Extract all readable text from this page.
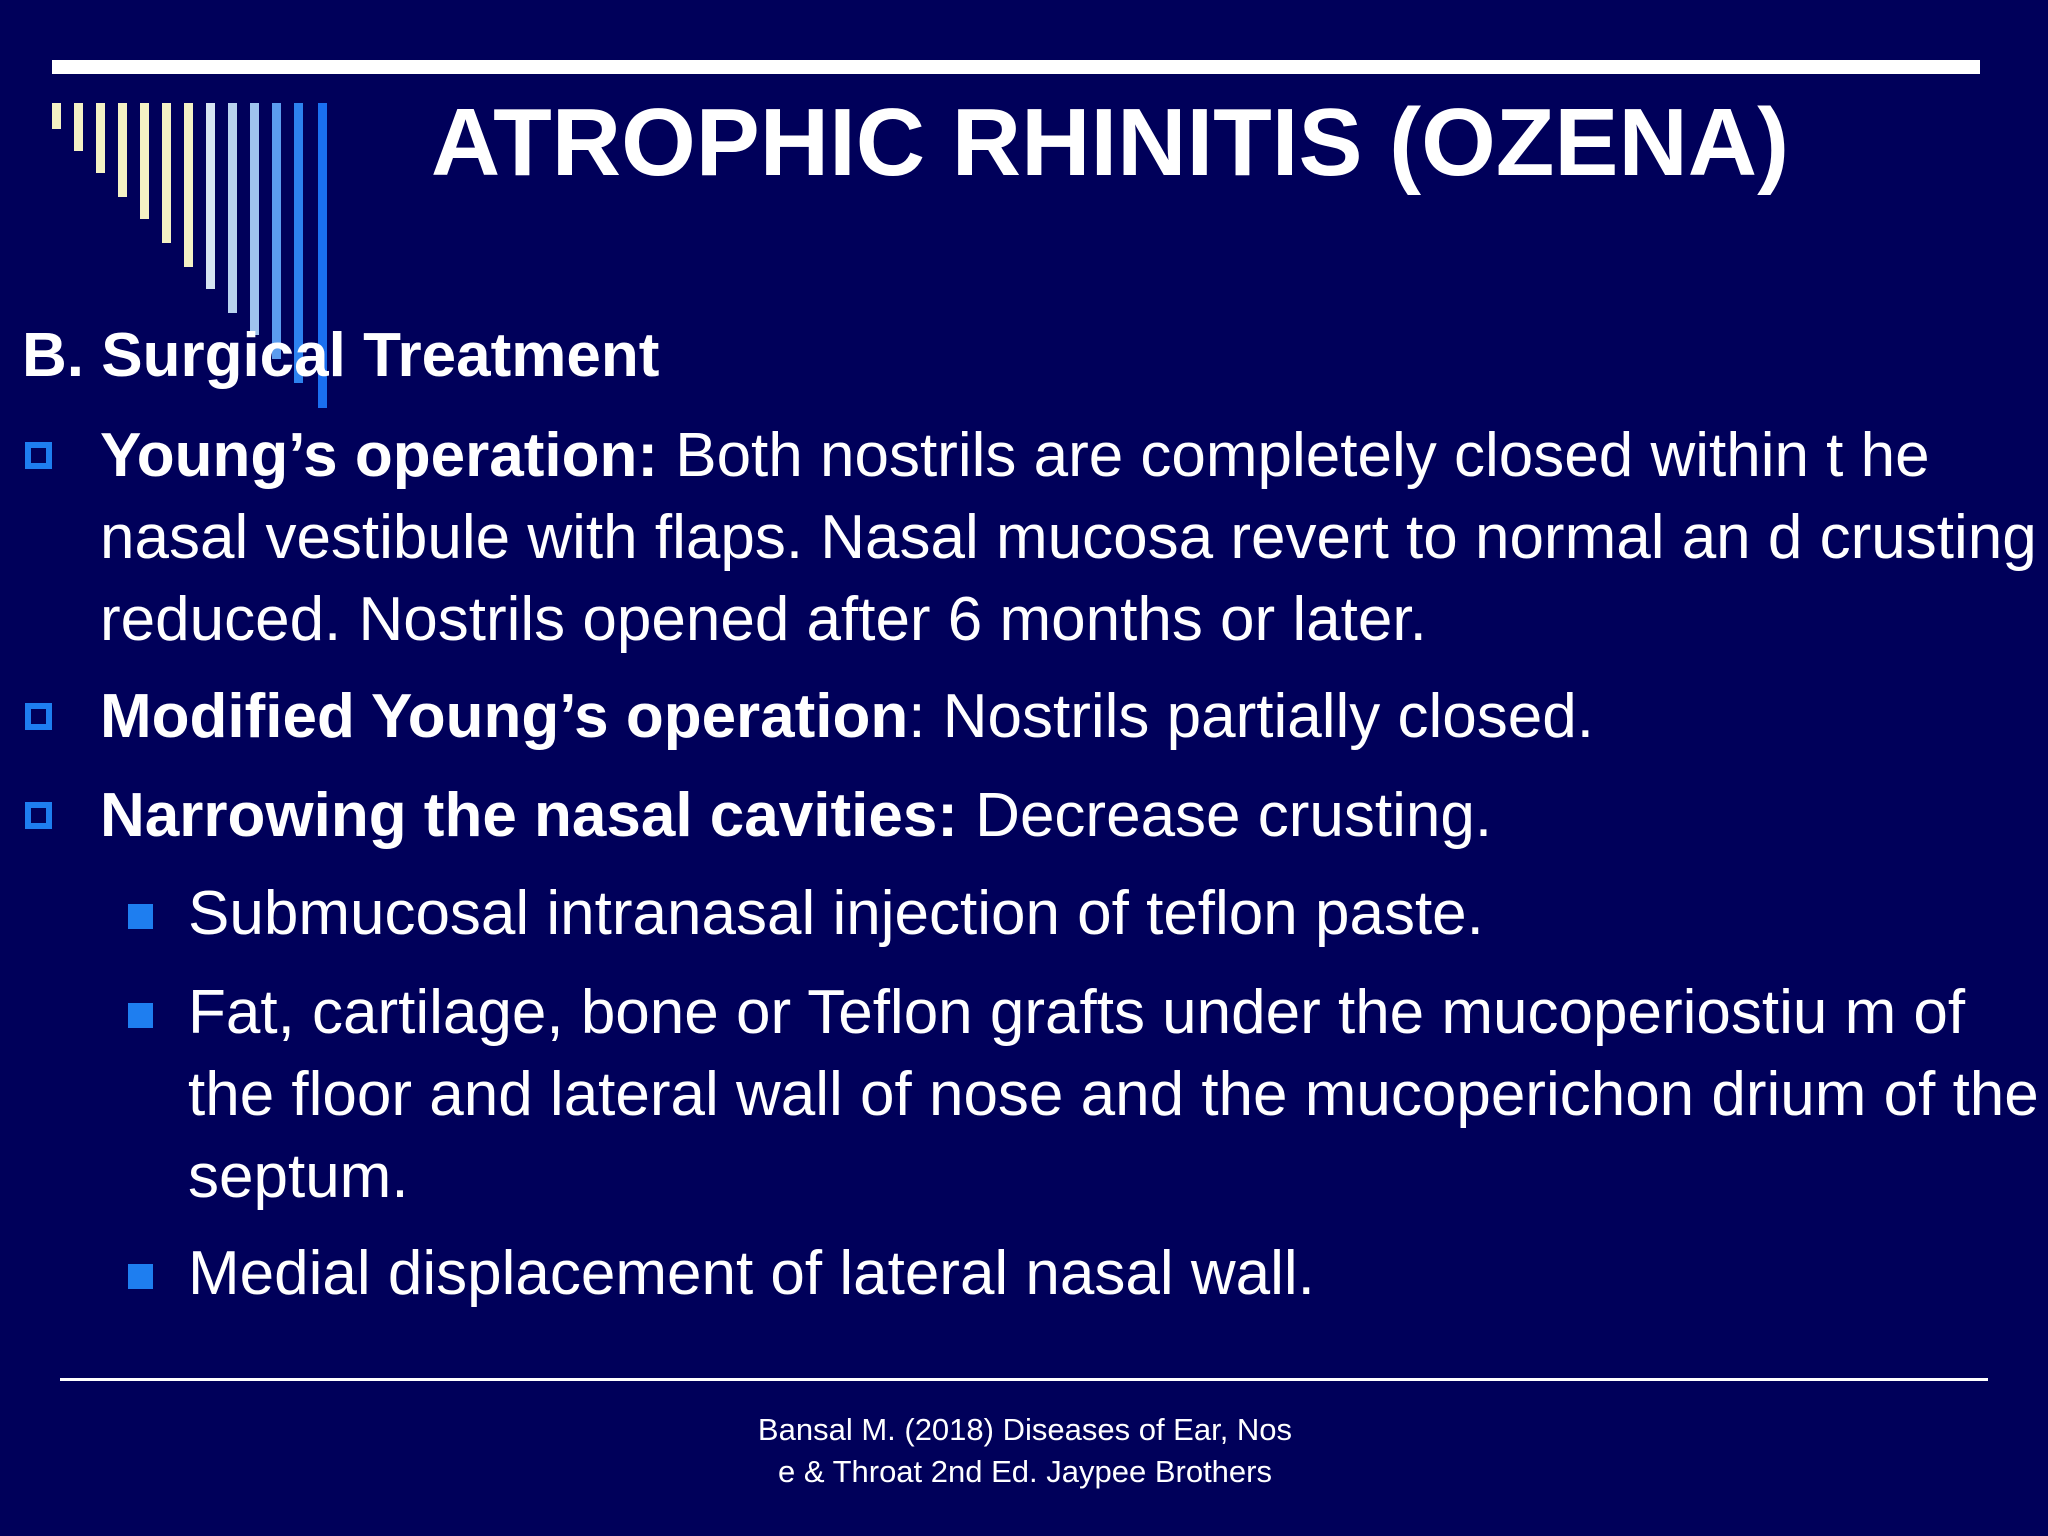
ATROPHIC RHINITIS (OZENA)
B. Surgical Treatment
Young’s operation: Both nostrils are completely closed within t he nasal vestibule with flaps. Nasal mucosa revert to normal an d crusting reduced. Nostrils opened after 6 months or later.
Modified Young’s operation: Nostrils partially closed.
Narrowing the nasal cavities: Decrease crusting.
Submucosal intranasal injection of teflon paste.
Fat, cartilage, bone or Teflon grafts under the mucoperiostiu m of the floor and lateral wall of nose and the mucoperichon drium of the septum.
Medial displacement of lateral nasal wall.
Bansal M. (2018) Diseases of Ear, Nos
e & Throat 2nd Ed. Jaypee Brothers
